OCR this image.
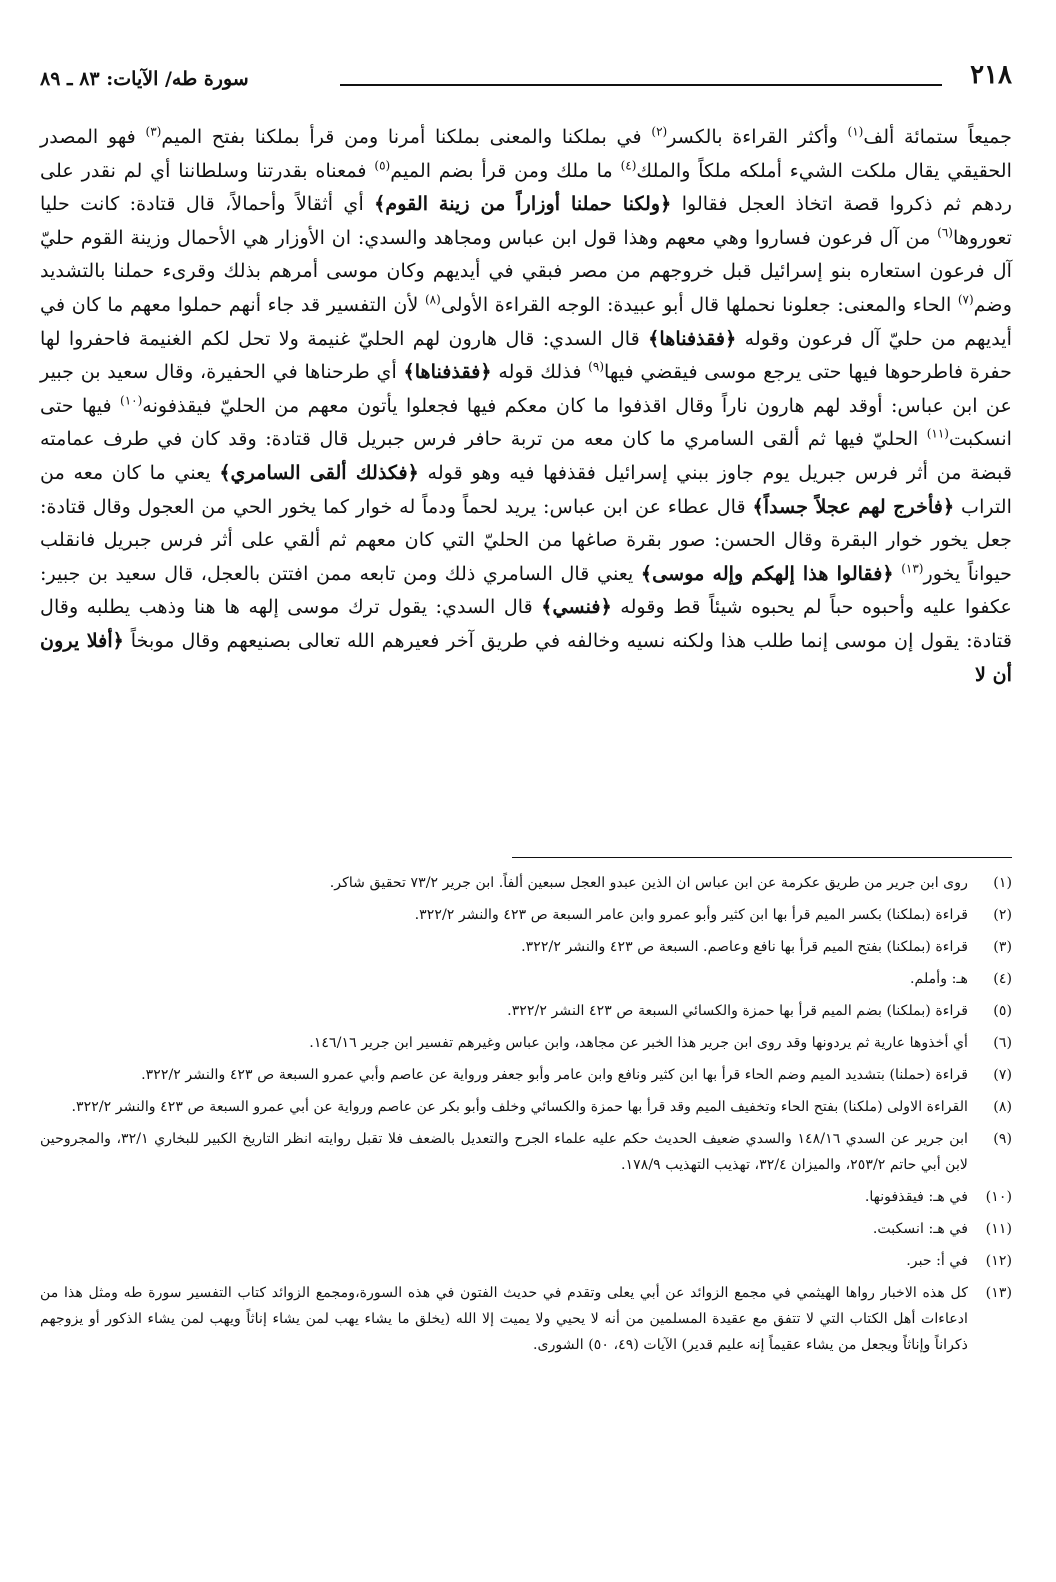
٢١٨
سورة طه/ الآيات: ٨٣ ـ ٨٩
جميعاً ستمائة ألف$^{(١)}$ وأكثر القراءة بالكسر$^{(٢)}$ في بملكنا والمعنى بملكنا أمرنا ومن قرأ بملكنا بفتح الميم$^{(٣)}$ فهو المصدر الحقيقي يقال ملكت الشيء أملكه ملكاً والملك$^{(٤)}$ ما ملك ومن قرأ بضم الميم$^{(٥)}$ فمعناه بقدرتنا وسلطاننا أي لم نقدر على ردهم ثم ذكروا قصة اتخاذ العجل فقالوا ﴿ولكنا حملنا أوزاراً من زينة القوم﴾ أي أثقالاً وأحمالاً، قال قتادة: كانت حليا تعوروها$^{(٦)}$ من آل فرعون فساروا وهي معهم وهذا قول ابن عباس ومجاهد والسدي: ان الأوزار هي الأحمال وزينة القوم حليّ آل فرعون استعاره بنو إسرائيل قبل خروجهم من مصر فبقي في أيديهم وكان موسى أمرهم بذلك وقرىء حملنا بالتشديد وضم$^{(٧)}$ الحاء والمعنى: جعلونا نحملها قال أبو عبيدة: الوجه القراءة الأولى$^{(٨)}$ لأن التفسير قد جاء أنهم حملوا معهم ما كان في أيديهم من حليّ آل فرعون وقوله ﴿فقذفناها﴾ قال السدي: قال هارون لهم الحليّ غنيمة ولا تحل لكم الغنيمة فاحفروا لها حفرة فاطرحوها فيها حتى يرجع موسى فيقضي فيها$^{(٩)}$ فذلك قوله ﴿فقذفناها﴾ أي طرحناها في الحفيرة، وقال سعيد بن جبير عن ابن عباس: أوقد لهم هارون ناراً وقال اقذفوا ما كان معكم فيها فجعلوا يأتون معهم من الحليّ فيقذفونه$^{(١٠)}$ فيها حتى انسكبت$^{(١١)}$ الحليّ فيها ثم ألقى السامري ما كان معه من تربة حافر فرس جبريل قال قتادة: وقد كان في طرف عمامته قبضة من أثر فرس جبريل يوم جاوز ببني إسرائيل فقذفها فيه وهو قوله ﴿فكذلك ألقى السامري﴾ يعني ما كان معه من التراب ﴿فأخرج لهم عجلاً جسداً﴾ قال عطاء عن ابن عباس: يريد لحماً ودماً له خوار كما يخور الحي من العجول وقال قتادة: جعل يخور خوار البقرة وقال الحسن: صور بقرة صاغها من الحليّ التي كان معهم ثم ألقي على أثر فرس جبريل فانقلب حيواناً يخور$^{(١٣)}$ ﴿فقالوا هذا إلهكم وإله موسى﴾ يعني قال السامري ذلك ومن تابعه ممن افتتن بالعجل، قال سعيد بن جبير: عكفوا عليه وأحبوه حباً لم يحبوه شيئاً قط وقوله ﴿فنسي﴾ قال السدي: يقول ترك موسى إلهه ها هنا وذهب يطلبه وقال قتادة: يقول إن موسى إنما طلب هذا ولكنه نسيه وخالفه في طريق آخر فعيرهم الله تعالى بصنيعهم وقال موبخاً ﴿أفلا يرون أن لا
(١)
روى ابن جرير من طريق عكرمة عن ابن عباس ان الذين عبدو العجل سبعين ألفاً. ابن جرير ٧٣/٢ تحقيق شاكر.
(٢)
قراءة (بملكنا) بكسر الميم قرأ بها ابن كثير وأبو عمرو وابن عامر السبعة ص ٤٢٣ والنشر ٣٢٢/٢.
(٣)
قراءة (بملكنا) بفتح الميم قرأ بها نافع وعاصم. السبعة ص ٤٢٣ والنشر ٣٢٢/٢.
(٤)
هـ: وأملم.
(٥)
قراءة (بملكنا) بضم الميم قرأ بها حمزة والكسائي السبعة ص ٤٢٣ النشر ٣٢٢/٢.
(٦)
أي أخذوها عارية ثم يردونها وقد روى ابن جرير هذا الخبر عن مجاهد، وابن عباس وغيرهم تفسير ابن جرير ١٤٦/١٦.
(٧)
قراءة (حملنا) بتشديد الميم وضم الحاء قرأ بها ابن كثير ونافع وابن عامر وأبو جعفر ورواية عن عاصم وأبي عمرو السبعة ص ٤٢٣ والنشر ٣٢٢/٢.
(٨)
القراءة الاولى (ملكنا) بفتح الحاء وتخفيف الميم وقد قرأ بها حمزة والكسائي وخلف وأبو بكر عن عاصم ورواية عن أبي عمرو السبعة ص ٤٢٣ والنشر ٣٢٢/٢.
(٩)
ابن جرير عن السدي ١٤٨/١٦ والسدي ضعيف الحديث حكم عليه علماء الجرح والتعديل بالضعف فلا تقبل روايته انظر التاريخ الكبير للبخاري ٣٢/١، والمجروحين لابن أبي حاتم ٢٥٣/٢، والميزان ٣٢/٤، تهذيب التهذيب ١٧٨/٩.
(١٠)
في هـ: فيقذفونها.
(١١)
في هـ: انسكبت.
(١٢)
في أ: حبر.
(١٣)
كل هذه الاخبار رواها الهيثمي في مجمع الزوائد عن أبي يعلى وتقدم في حديث الفتون في هذه السورة،ومجمع الزوائد كتاب التفسير سورة طه ومثل هذا من ادعاءات أهل الكتاب التي لا تتفق مع عقيدة المسلمين من أنه لا يحيي ولا يميت إلا الله (يخلق ما يشاء يهب لمن يشاء إناثاً ويهب لمن يشاء الذكور أو يزوجهم ذكراناً وإناثاً ويجعل من يشاء عقيماً إنه عليم قدير) الآيات (٤٩، ٥٠) الشورى.
